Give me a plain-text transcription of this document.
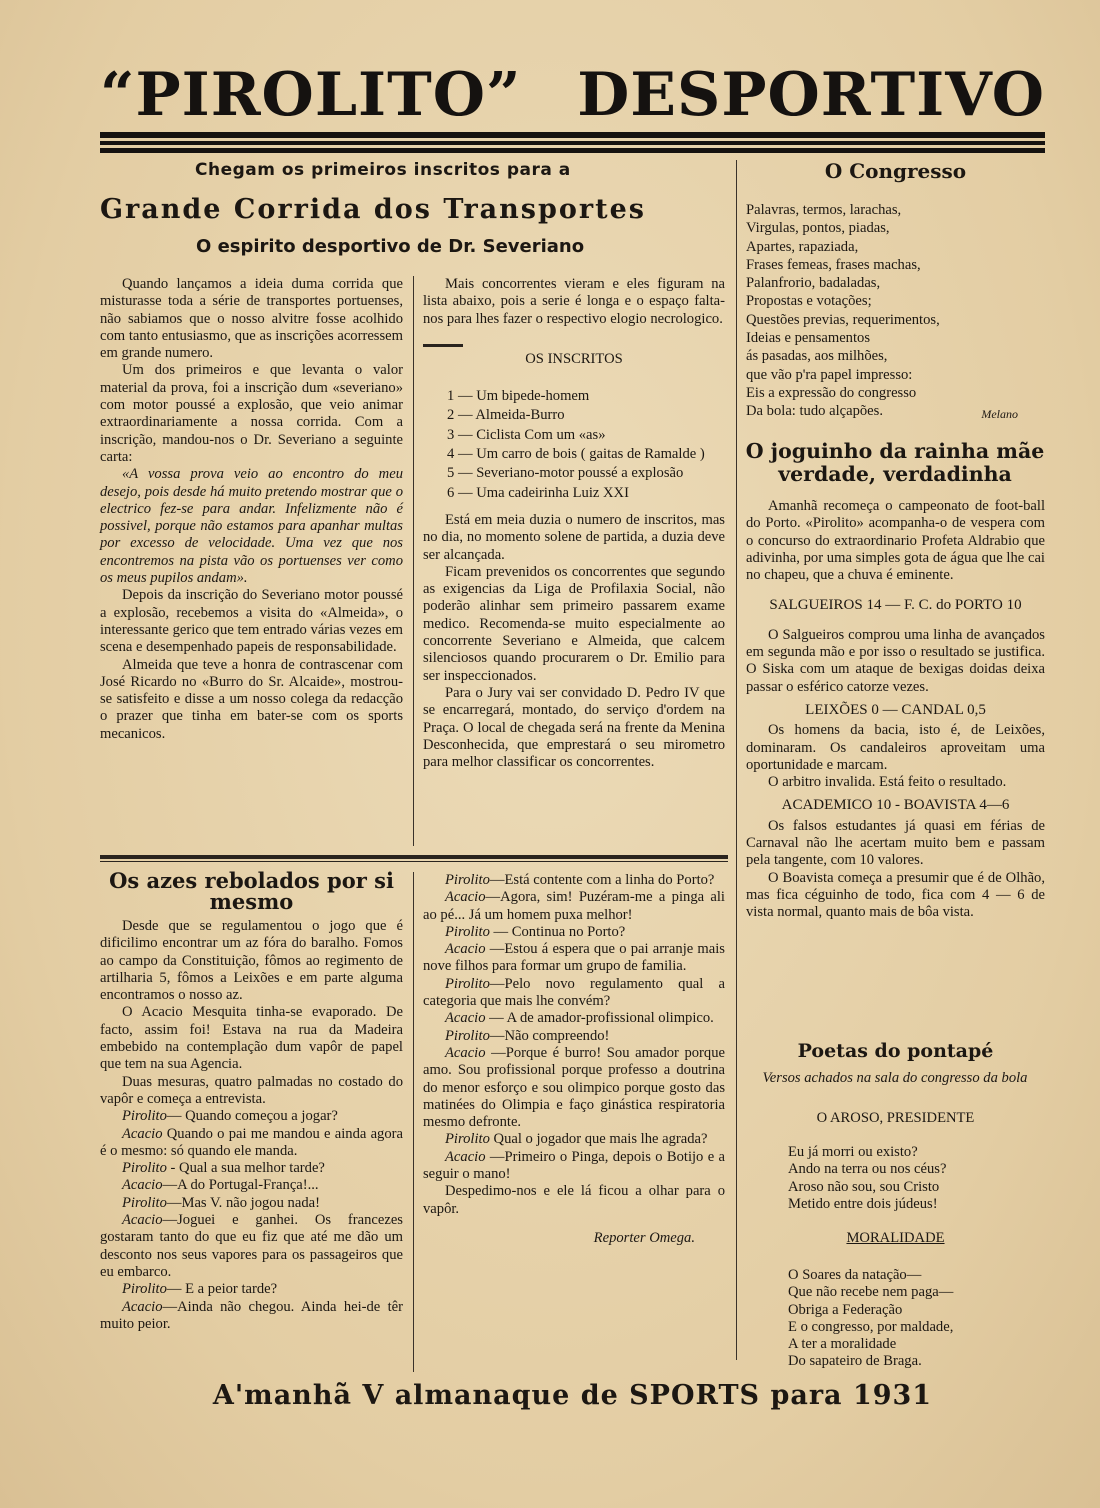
“PIROLITO” DESPORTIVO
Chegam os primeiros inscritos para a
Grande Corrida dos Transportes
O espirito desportivo de Dr. Severiano

Quando lançamos a ideia duma corrida que misturasse toda a série de transportes portuenses, não sabiamos que o nosso alvitre fosse acolhido com tanto entusiasmo, que as inscrições acorressem em grande numero.

Um dos primeiros e que levanta o valor material da prova, foi a inscrição dum «severiano» com motor poussé a explosão, que veio animar extraordinariamente a nossa corrida. Com a inscrição, mandou-nos o Dr. Severiano a seguinte carta:

«A vossa prova veio ao encontro do meu desejo, pois desde há muito pretendo mostrar que o electrico fez-se para andar. Infelizmente não é possivel, porque não estamos para apanhar multas por excesso de velocidade. Uma vez que nos encontremos na pista vão os portuenses ver como os meus pupilos andam».

Depois da inscrição do Severiano motor poussé a explosão, recebemos a visita do «Almeida», o interessante gerico que tem entrado várias vezes em scena e desempenhado papeis de responsabilidade.

Almeida que teve a honra de contrascenar com José Ricardo no «Burro do Sr. Alcaide», mostrou-se satisfeito e disse a um nosso colega da redacção o prazer que tinha em bater-se com os sports mecanicos.

Mais concorrentes vieram e eles figuram na lista abaixo, pois a serie é longa e o espaço falta-nos para lhes fazer o respectivo elogio necrologico.

OS INSCRITOS
1 — Um bipede-homem
2 — Almeida-Burro
3 — Ciclista Com um «as»
4 — Um carro de bois ( gaitas de Ramalde )
5 — Severiano-motor poussé a explosão
6 — Uma cadeirinha Luiz XXI

Está em meia duzia o numero de inscritos, mas no dia, no momento solene de partida, a duzia deve ser alcançada.

Ficam prevenidos os concorrentes que segundo as exigencias da Liga de Profilaxia Social, não poderão alinhar sem primeiro passarem exame medico. Recomenda-se muito especialmente ao concorrente Severiano e Almeida, que calcem silenciosos quando procurarem o Dr. Emilio para ser inspeccionados.

Para o Jury vai ser convidado D. Pedro IV que se encarregará, montado, do serviço d'ordem na Praça. O local de chegada será na frente da Menina Desconhecida, que emprestará o seu mirometro para melhor classificar os concorrentes.

O Congresso
Palavras, termos, larachas,
Virgulas, pontos, piadas,
Apartes, rapaziada,
Frases femeas, frases machas,
Palanfrorio, badaladas,
Propostas e votações;
Questões previas, requerimentos,
Ideias e pensamentos
ás pasadas, aos milhões,
que vão p'ra papel impresso:
Eis a expressão do congresso
Da bola: tudo alçapões.	Melano
O joguinho da rainha mãe verdade, verdadinha

Amanhã recomeça o campeonato de foot-ball do Porto. «Pirolito» acompanha-o de vespera com o concurso do extraordinario Profeta Aldrabio que adivinha, por uma simples gota de água que lhe cai no chapeu, que a chuva é eminente.

SALGUEIROS 14 — F. C. do PORTO 10

O Salgueiros comprou uma linha de avançados em segunda mão e por isso o resultado se justifica. O Siska com um ataque de bexigas doidas deixa passar o esférico catorze vezes.

LEIXÕES 0 — CANDAL 0,5

Os homens da bacia, isto é, de Leixões, dominaram. Os candaleiros aproveitam uma oportunidade e marcam.

O arbitro invalida. Está feito o resultado.

ACADEMICO 10 - BOAVISTA 4—6

Os falsos estudantes já quasi em férias de Carnaval não lhe acertam muito bem e passam pela tangente, com 10 valores.

O Boavista começa a presumir que é de Olhão, mas fica céguinho de todo, fica com 4 — 6 de vista normal, quanto mais de bôa vista.

Poetas do pontapé
Versos achados na sala do congresso da bola
O AROSO, PRESIDENTE
Eu já morri ou existo?
Ando na terra ou nos céus?
Aroso não sou, sou Cristo
Metido entre dois júdeus!
MORALIDADE
O Soares da natação—
Que não recebe nem paga—
Obriga a Federação
E o congresso, por maldade,
A ter a moralidade
Do sapateiro de Braga.
Os azes rebolados por si mesmo

Desde que se regulamentou o jogo que é dificilimo encontrar um az fóra do baralho. Fomos ao campo da Constituição, fômos ao regimento de artilharia 5, fômos a Leixões e em parte alguma encontramos o nosso az.

O Acacio Mesquita tinha-se evaporado. De facto, assim foi! Estava na rua da Madeira embebido na contemplação dum vapôr de papel que tem na sua Agencia.

Duas mesuras, quatro palmadas no costado do vapôr e começa a entrevista.

Pirolito— Quando começou a jogar?

Acacio Quando o pai me mandou e ainda agora é o mesmo: só quando ele manda.

Pirolito - Qual a sua melhor tarde?

Acacio—A do Portugal-França!...

Pirolito—Mas V. não jogou nada!

Acacio—Joguei e ganhei. Os francezes gostaram tanto do que eu fiz que até me dão um desconto nos seus vapores para os passageiros que eu embarco.

Pirolito— E a peior tarde?

Acacio—Ainda não chegou. Ainda hei-de têr muito peior.

Pirolito—Está contente com a linha do Porto?

Acacio—Agora, sim! Puzéram-me a pinga ali ao pé... Já um homem puxa melhor!

Pirolito — Continua no Porto?

Acacio —Estou á espera que o pai arranje mais nove filhos para formar um grupo de familia.

Pirolito—Pelo novo regulamento qual a categoria que mais lhe convém?

Acacio — A de amador-profissional olimpico.

Pirolito—Não compreendo!

Acacio —Porque é burro! Sou amador porque amo. Sou profissional porque professo a doutrina do menor esforço e sou olimpico porque gosto das matinées do Olimpia e faço ginástica respiratoria mesmo defronte.

Pirolito Qual o jogador que mais lhe agrada?

Acacio —Primeiro o Pinga, depois o Botijo e a seguir o mano!

Despedimo-nos e ele lá ficou a olhar para o vapôr.

Reporter Omega.
A'manhã V almanaque de SPORTS para 1931
